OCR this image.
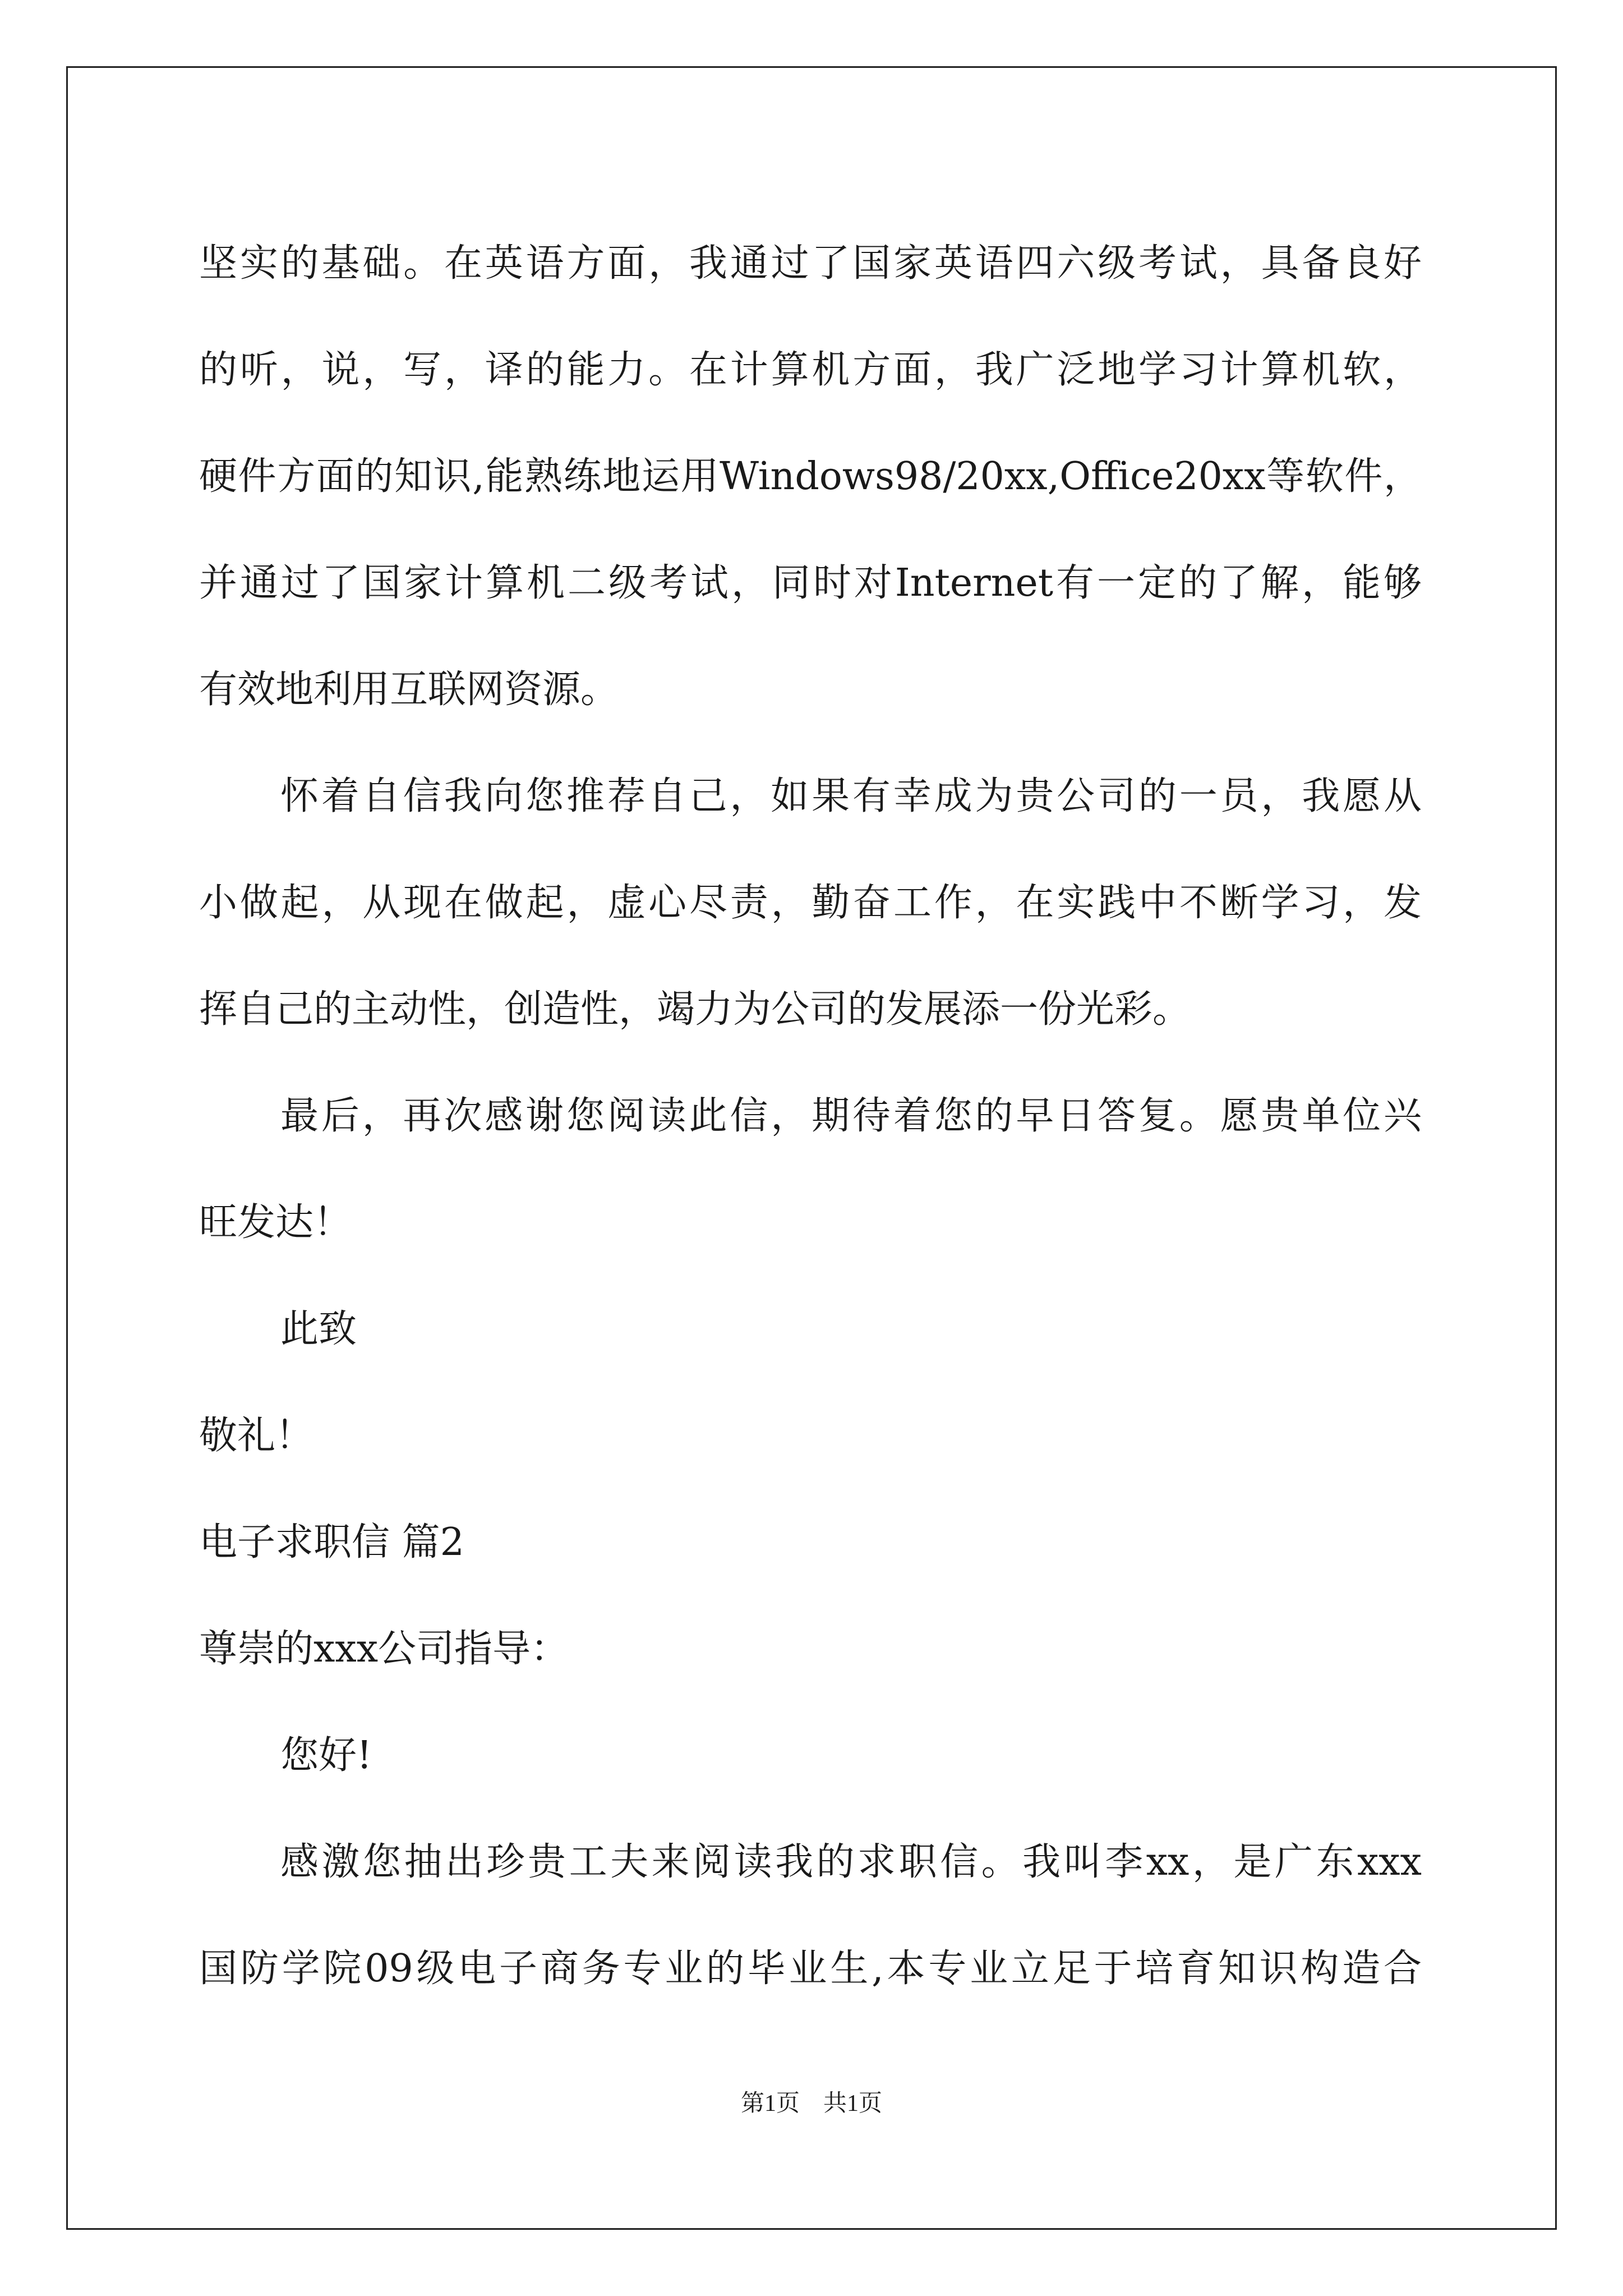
坚实的基础。在英语方面，我通过了国家英语四六级考试，具备良好
的听，说，写，译的能力。在计算机方面，我广泛地学习计算机软，
硬件方面的知识,能熟练地运用Windows98/20xx,Office20xx等软件，
并通过了国家计算机二级考试，同时对Internet有一定的了解，能够
有效地利用互联网资源。
怀着自信我向您推荐自己，如果有幸成为贵公司的一员，我愿从
小做起，从现在做起，虚心尽责，勤奋工作，在实践中不断学习，发
挥自己的主动性，创造性，竭力为公司的发展添一份光彩。
最后，再次感谢您阅读此信，期待着您的早日答复。愿贵单位兴
旺发达！
此致
敬礼！
电子求职信 篇2
尊崇的xxx公司指导：
您好!
感激您抽出珍贵工夫来阅读我的求职信。我叫李xx，是广东xxx
国防学院09级电子商务专业的毕业生,本专业立足于培育知识构造合
第1页　共1页
